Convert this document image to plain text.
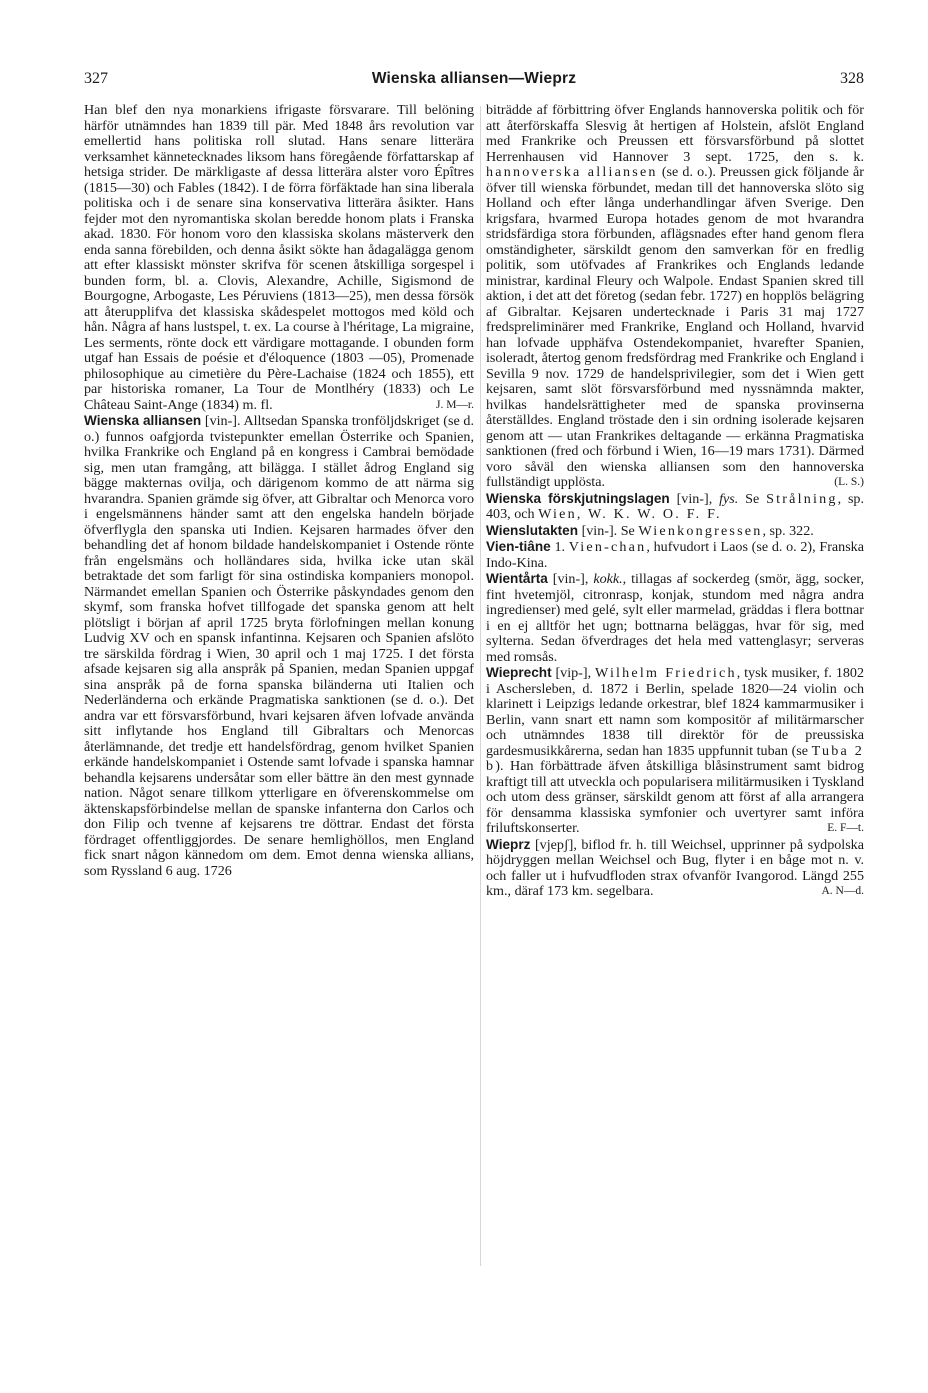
327	Wienska alliansen—Wieprz	328

Han blef den nya monarkiens ifrigaste försvarare. Till belöning härför utnämndes han 1839 till pär. Med 1848 års revolution var emellertid hans politiska roll slutad. Hans senare litterära verksamhet kännetecknades liksom hans föregående författarskap af hetsiga strider. De märkligaste af dessa litterära alster voro Épîtres (1815—30) och Fables (1842). I de förra förfäktade han sina liberala politiska och i de senare sina konservativa litterära åsikter. Hans fejder mot den nyromantiska skolan beredde honom plats i Franska akad. 1830. För honom voro den klassiska skolans mästerverk den enda sanna förebilden, och denna åsikt sökte han ådagalägga genom att efter klassiskt mönster skrifva för scenen åtskilliga sorgespel i bunden form, bl. a. Clovis, Alexandre, Achille, Sigismond de Bourgogne, Arbogaste, Les Péruviens (1813—25), men dessa försök att återupplifva det klassiska skådespelet mottogos med köld och hån. Några af hans lustspel, t. ex. La course à l'héritage, La migraine, Les serments, rönte dock ett värdigare mottagande. I obunden form utgaf han Essais de poésie et d'éloquence (1803 —05), Promenade philosophique au cimetière du Père-Lachaise (1824 och 1855), ett par historiska romaner, La Tour de Montlhéry (1833) och Le Château Saint-Ange (1834) m. fl.	J. M—r.

Wienska alliansen [vin-]. Alltsedan Spanska tronföljdskriget (se d. o.) funnos oafgjorda tvistepunkter emellan Österrike och Spanien, hvilka Frankrike och England på en kongress i Cambrai bemödade sig, men utan framgång, att bilägga. I stället ådrog England sig bägge makternas ovilja, och därigenom kommo de att närma sig hvarandra. Spanien grämde sig öfver, att Gibraltar och Menorca voro i engelsmännens händer samt att den engelska handeln började öfverflygla den spanska uti Indien. Kejsaren harmades öfver den behandling det af honom bildade handelskompaniet i Ostende rönte från engelsmäns och holländares sida, hvilka icke utan skäl betraktade det som farligt för sina ostindiska kompaniers monopol. Närmandet emellan Spanien och Österrike påskyndades genom den skymf, som franska hofvet tillfogade det spanska genom att helt plötsligt i början af april 1725 bryta förlofningen mellan konung Ludvig XV och en spansk infantinna. Kejsaren och Spanien afslöto tre särskilda fördrag i Wien, 30 april och 1 maj 1725. I det första afsade kejsaren sig alla anspråk på Spanien, medan Spanien uppgaf sina anspråk på de forna spanska biländerna uti Italien och Nederländerna och erkände Pragmatiska sanktionen (se d. o.). Det andra var ett försvarsförbund, hvari kejsaren äfven lofvade använda sitt inflytande hos England till Gibraltars och Menorcas återlämnande, det tredje ett handelsfördrag, genom hvilket Spanien erkände handelskompaniet i Ostende samt lofvade i spanska hamnar behandla kejsarens undersåtar som eller bättre än den mest gynnade nation. Något senare tillkom ytterligare en öfverenskommelse om äktenskapsförbindelse mellan de spanske infanterna don Carlos och don Filip och tvenne af kejsarens tre döttrar. Endast det första fördraget offentliggjordes. De senare hemlighöllos, men England fick snart någon kännedom om dem. Emot denna wienska allians, som Ryssland 6 aug. 1726

biträdde af förbittring öfver Englands hannoverska politik och för att återförskaffa Slesvig åt hertigen af Holstein, afslöt England med Frankrike och Preussen ett försvarsförbund på slottet Herrenhausen vid Hannover 3 sept. 1725, den s. k. hannoverska alliansen (se d. o.). Preussen gick följande år öfver till wienska förbundet, medan till det hannoverska slöto sig Holland och efter långa underhandlingar äfven Sverige. Den krigsfara, hvarmed Europa hotades genom de mot hvarandra stridsfärdiga stora förbunden, aflägsnades efter hand genom flera omständigheter, särskildt genom den samverkan för en fredlig politik, som utöfvades af Frankrikes och Englands ledande ministrar, kardinal Fleury och Walpole. Endast Spanien skred till aktion, i det att det företog (sedan febr. 1727) en hopplös belägring af Gibraltar. Kejsaren undertecknade i Paris 31 maj 1727 fredspreliminärer med Frankrike, England och Holland, hvarvid han lofvade upphäfva Ostendekompaniet, hvarefter Spanien, isoleradt, återtog genom fredsfördrag med Frankrike och England i Sevilla 9 nov. 1729 de handelsprivilegier, som det i Wien gett kejsaren, samt slöt försvarsförbund med nyssnämnda makter, hvilkas handelsrättigheter med de spanska provinserna återställdes. England tröstade den i sin ordning isolerade kejsaren genom att — utan Frankrikes deltagande — erkänna Pragmatiska sanktionen (fred och förbund i Wien, 16—19 mars 1731). Därmed voro såväl den wienska alliansen som den hannoverska fullständigt upplösta.	(L. S.)

Wienska förskjutningslagen [vin-], fys. Se Strålning, sp. 403, och Wien, W. K. W. O. F. F.

Wienslutakten [vin-]. Se Wienkongressen, sp. 322.

Vien-tiâne 1. Vien-chan, hufvudort i Laos (se d. o. 2), Franska Indo-Kina.

Wientårta [vin-], kokk., tillagas af sockerdeg (smör, ägg, socker, fint hvetemjöl, citronrasp, konjak, stundom med några andra ingredienser) med gelé, sylt eller marmelad, gräddas i flera bottnar i en ej alltför het ugn; bottnarna beläggas, hvar för sig, med sylterna. Sedan öfverdrages det hela med vattenglasyr; serveras med romsås.

Wieprecht [vip-], Wilhelm Friedrich, tysk musiker, f. 1802 i Aschersleben, d. 1872 i Berlin, spelade 1820—24 violin och klarinett i Leipzigs ledande orkestrar, blef 1824 kammarmusiker i Berlin, vann snart ett namn som kompositör af militärmarscher och utnämndes 1838 till direktör för de preussiska gardesmusikkårerna, sedan han 1835 uppfunnit tuban (se Tuba 2 b). Han förbättrade äfven åtskilliga blåsinstrument samt bidrog kraftigt till att utveckla och popularisera militärmusiken i Tyskland och utom dess gränser, särskildt genom att först af alla arrangera för densamma klassiska symfonier och uvertyrer samt införa friluftskonserter.	E. F—t.

Wieprz [vjepʃ], biflod fr. h. till Weichsel, upprinner på sydpolska höjdryggen mellan Weichsel och Bug, flyter i en båge mot n. v. och faller ut i hufvudfloden strax ofvanför Ivangorod. Längd 255 km., däraf 173 km. segelbara.	A. N—d.
